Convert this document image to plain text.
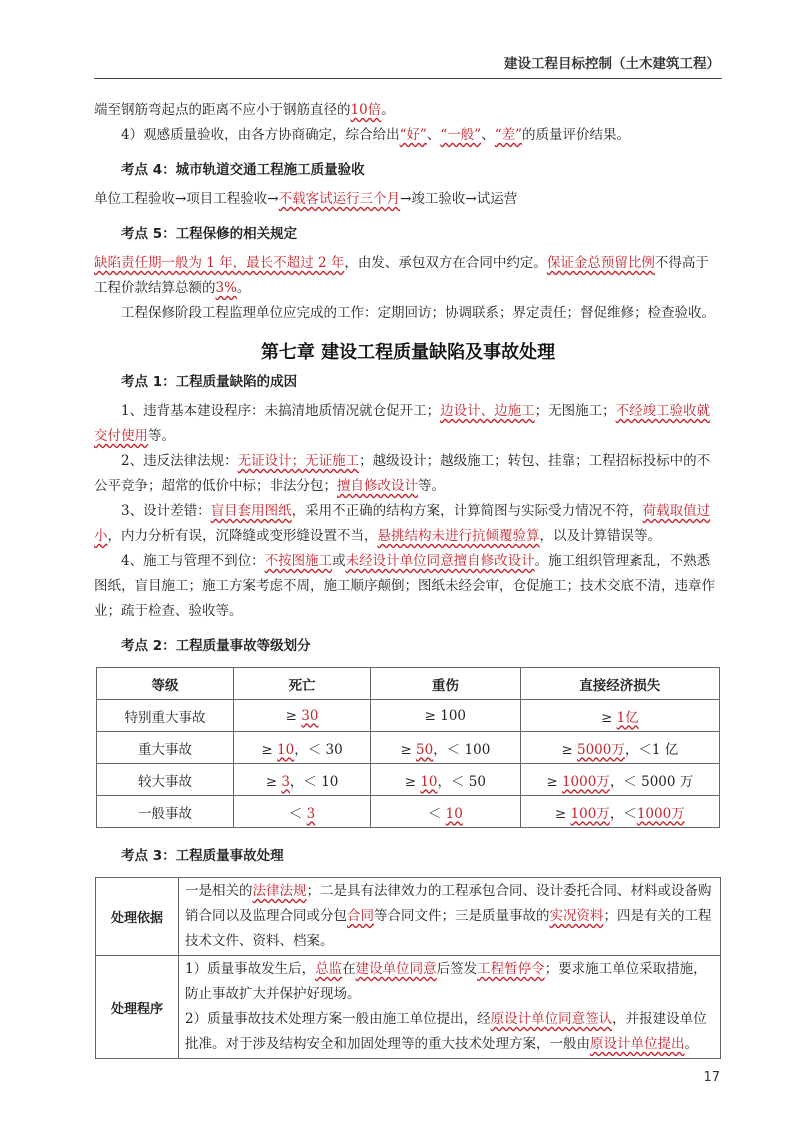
建设工程目标控制（土木建筑工程）

端至钢筋弯起点的距离不应小于钢筋直径的10倍。

4）观感质量验收，由各方协商确定，综合给出“好”、“一般”、“差”的质量评价结果。

考点 4：城市轨道交通工程施工质量验收

单位工程验收→项目工程验收→不载客试运行三个月→竣工验收→试运营

考点 5：工程保修的相关规定

缺陷责任期一般为 1 年，最长不超过 2 年，由发、承包双方在合同中约定。保证金总预留比例不得高于工程价款结算总额的3%。

工程保修阶段工程监理单位应完成的工作：定期回访；协调联系；界定责任；督促维修；检查验收。

第七章 建设工程质量缺陷及事故处理

考点 1：工程质量缺陷的成因

1、违背基本建设程序：未搞清地质情况就仓促开工；边设计、边施工；无图施工；不经竣工验收就交付使用等。

2、违反法律法规：无证设计；无证施工；越级设计；越级施工；转包、挂靠；工程招标投标中的不公平竞争；超常的低价中标；非法分包；擅自修改设计等。

3、设计差错：盲目套用图纸，采用不正确的结构方案，计算简图与实际受力情况不符，荷载取值过小，内力分析有误，沉降缝或变形缝设置不当，悬挑结构未进行抗倾覆验算，以及计算错误等。

4、施工与管理不到位：不按图施工或未经设计单位同意擅自修改设计。施工组织管理紊乱，不熟悉图纸，盲目施工；施工方案考虑不周，施工顺序颠倒；图纸未经会审，仓促施工；技术交底不清，违章作业；疏于检查、验收等。

考点 2：工程质量事故等级划分

等级	死亡	重伤	直接经济损失
特别重大事故	≥ 30	≥ 100	≥ 1亿
重大事故	≥ 10，＜ 30	≥ 50，＜ 100	≥ 5000万，＜1 亿
较大事故	≥ 3，＜ 10	≥ 10，＜ 50	≥ 1000万，＜ 5000 万
一般事故	＜ 3	＜ 10	≥ 100万，＜1000万

考点 3：工程质量事故处理

处理依据	一是相关的法律法规；二是具有法律效力的工程承包合同、设计委托合同、材料或设备购销合同以及监理合同或分包合同等合同文件；三是质量事故的实况资料；四是有关的工程技术文件、资料、档案。
处理程序	1）质量事故发生后，总监在建设单位同意后签发工程暂停令；要求施工单位采取措施，防止事故扩大并保护好现场。
2）质量事故技术处理方案一般由施工单位提出，经原设计单位同意签认，并报建设单位批准。对于涉及结构安全和加固处理等的重大技术处理方案，一般由原设计单位提出。
17
